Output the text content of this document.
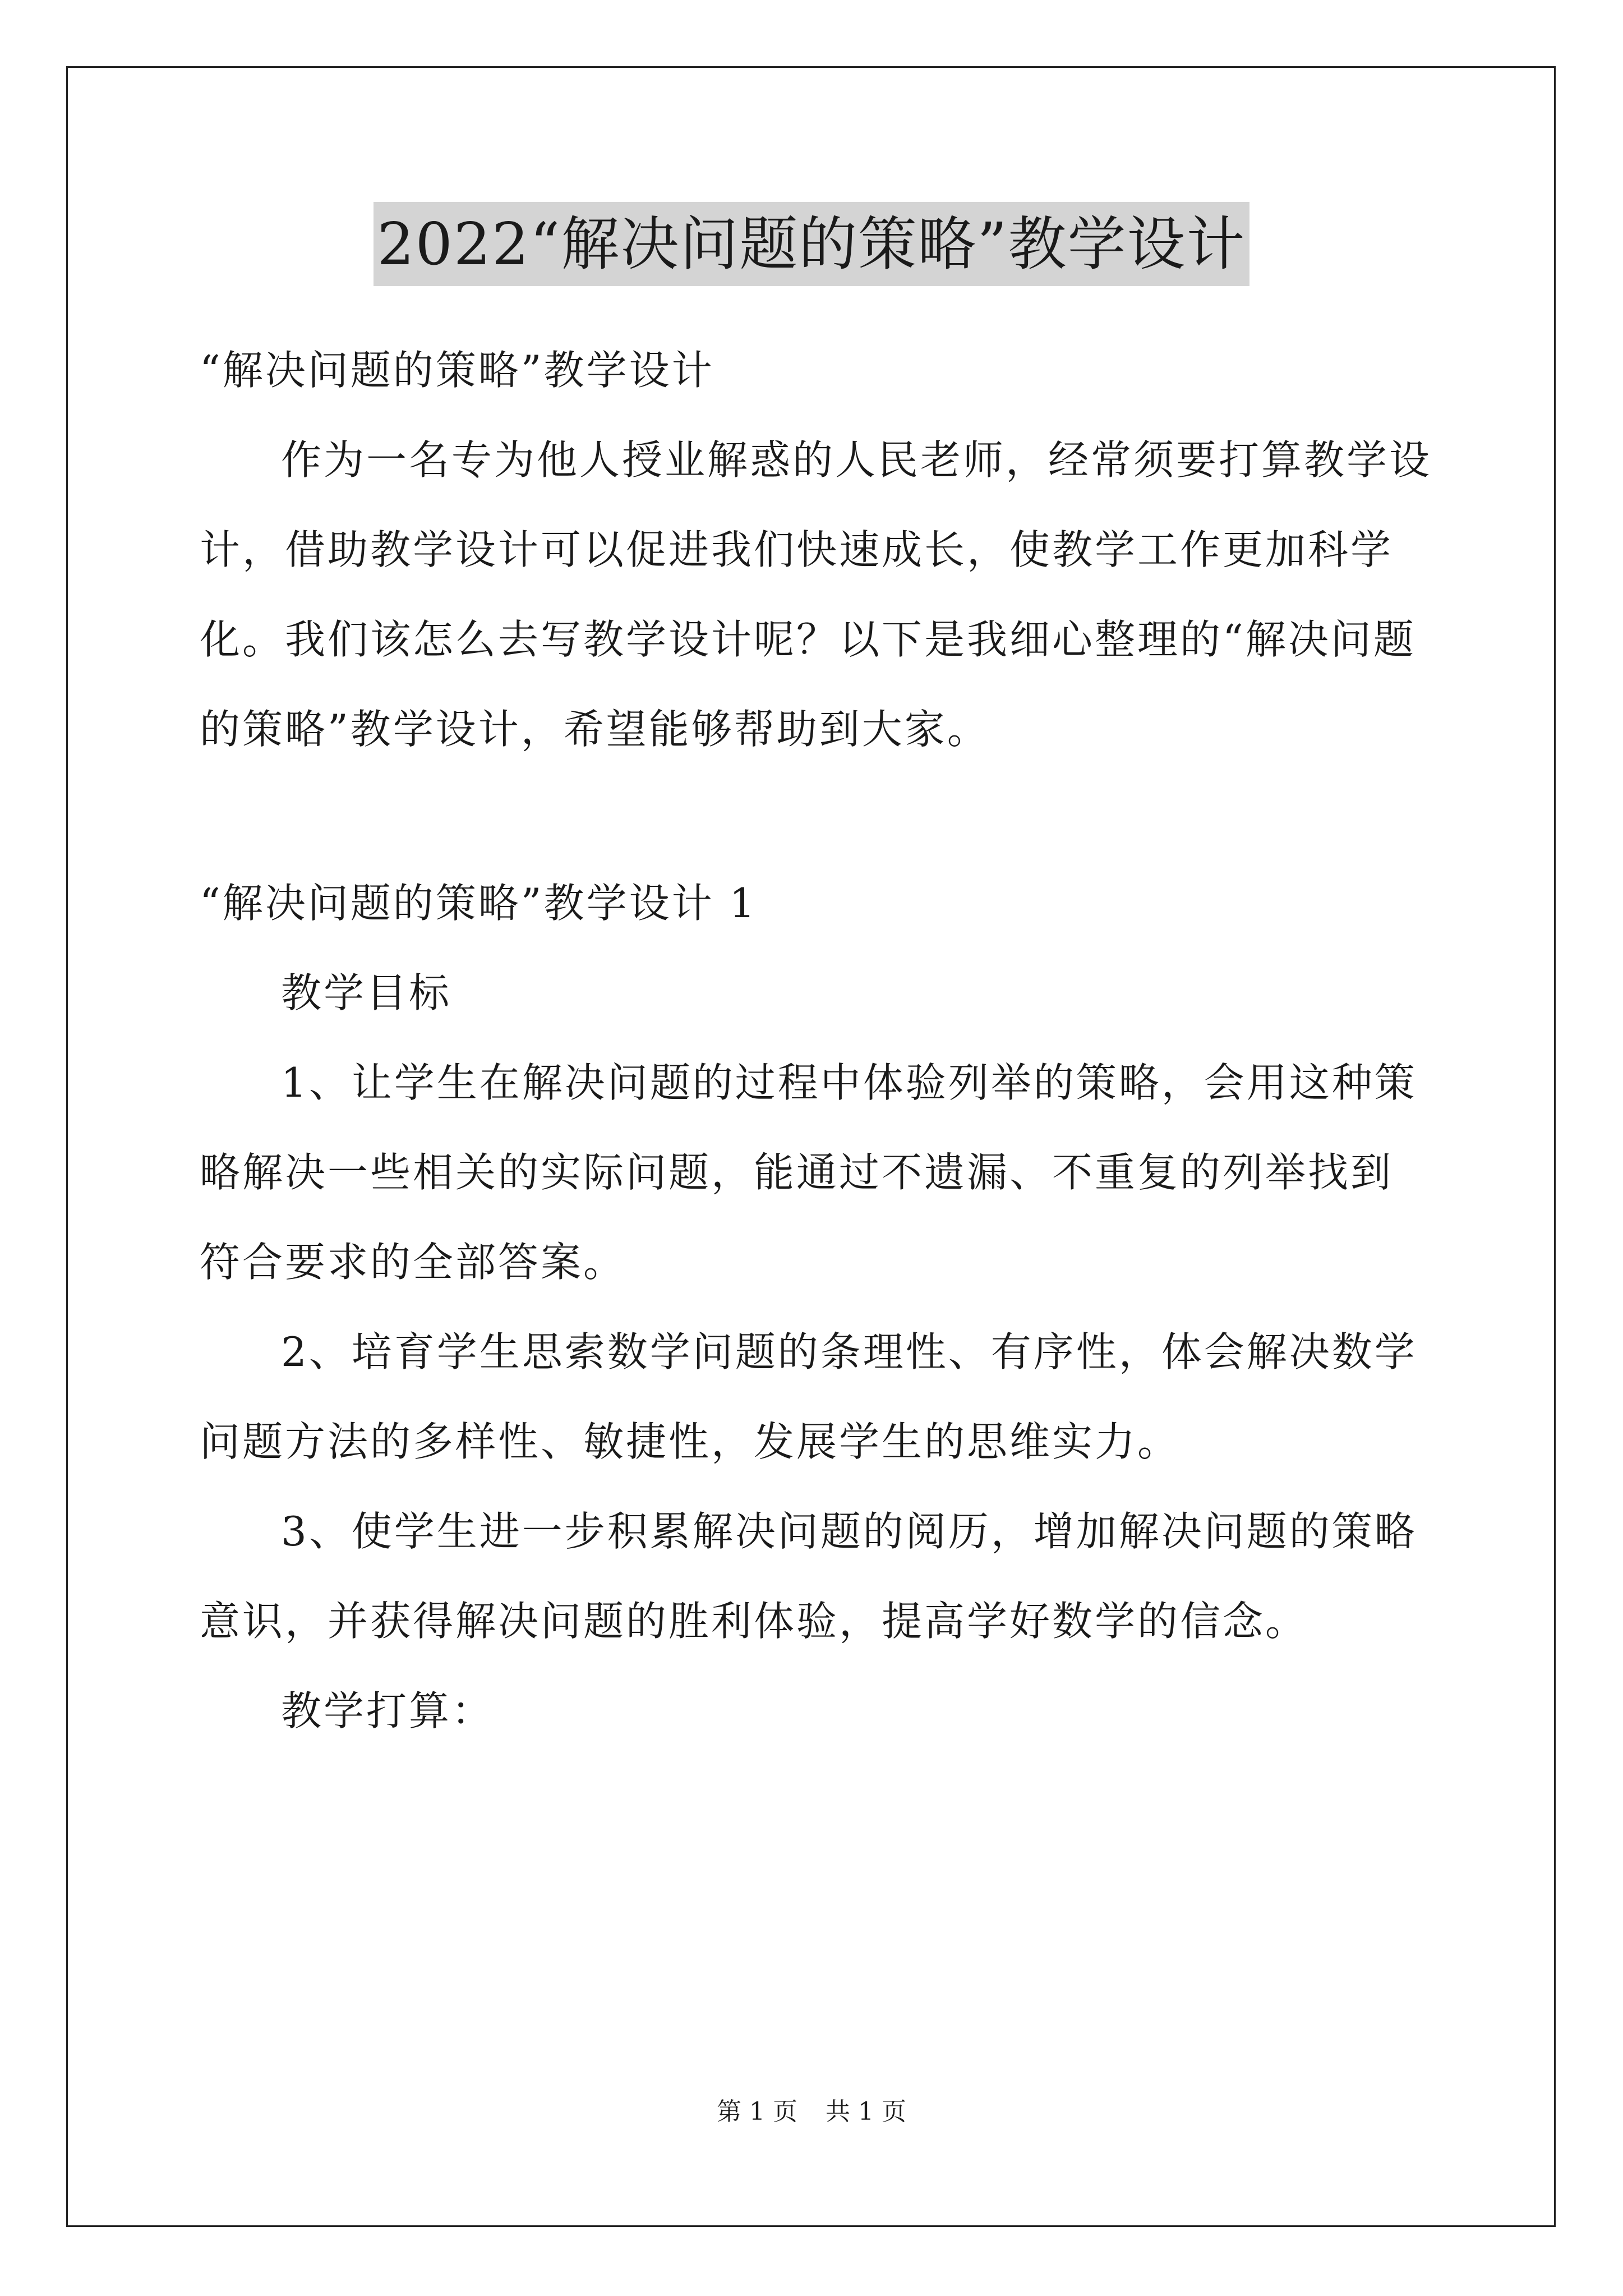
2022“解决问题的策略”教学设计

“解决问题的策略”教学设计

作为一名专为他人授业解惑的人民老师，经常须要打算教学设计，借助教学设计可以促进我们快速成长，使教学工作更加科学化。我们该怎么去写教学设计呢？以下是我细心整理的“解决问题的策略”教学设计，希望能够帮助到大家。

“解决问题的策略”教学设计 1

教学目标

1、让学生在解决问题的过程中体验列举的策略，会用这种策略解决一些相关的实际问题，能通过不遗漏、不重复的列举找到符合要求的全部答案。

2、培育学生思索数学问题的条理性、有序性，体会解决数学问题方法的多样性、敏捷性，发展学生的思维实力。

3、使学生进一步积累解决问题的阅历，增加解决问题的策略意识，并获得解决问题的胜利体验，提高学好数学的信念。

教学打算：

第 1 页 共 1 页
